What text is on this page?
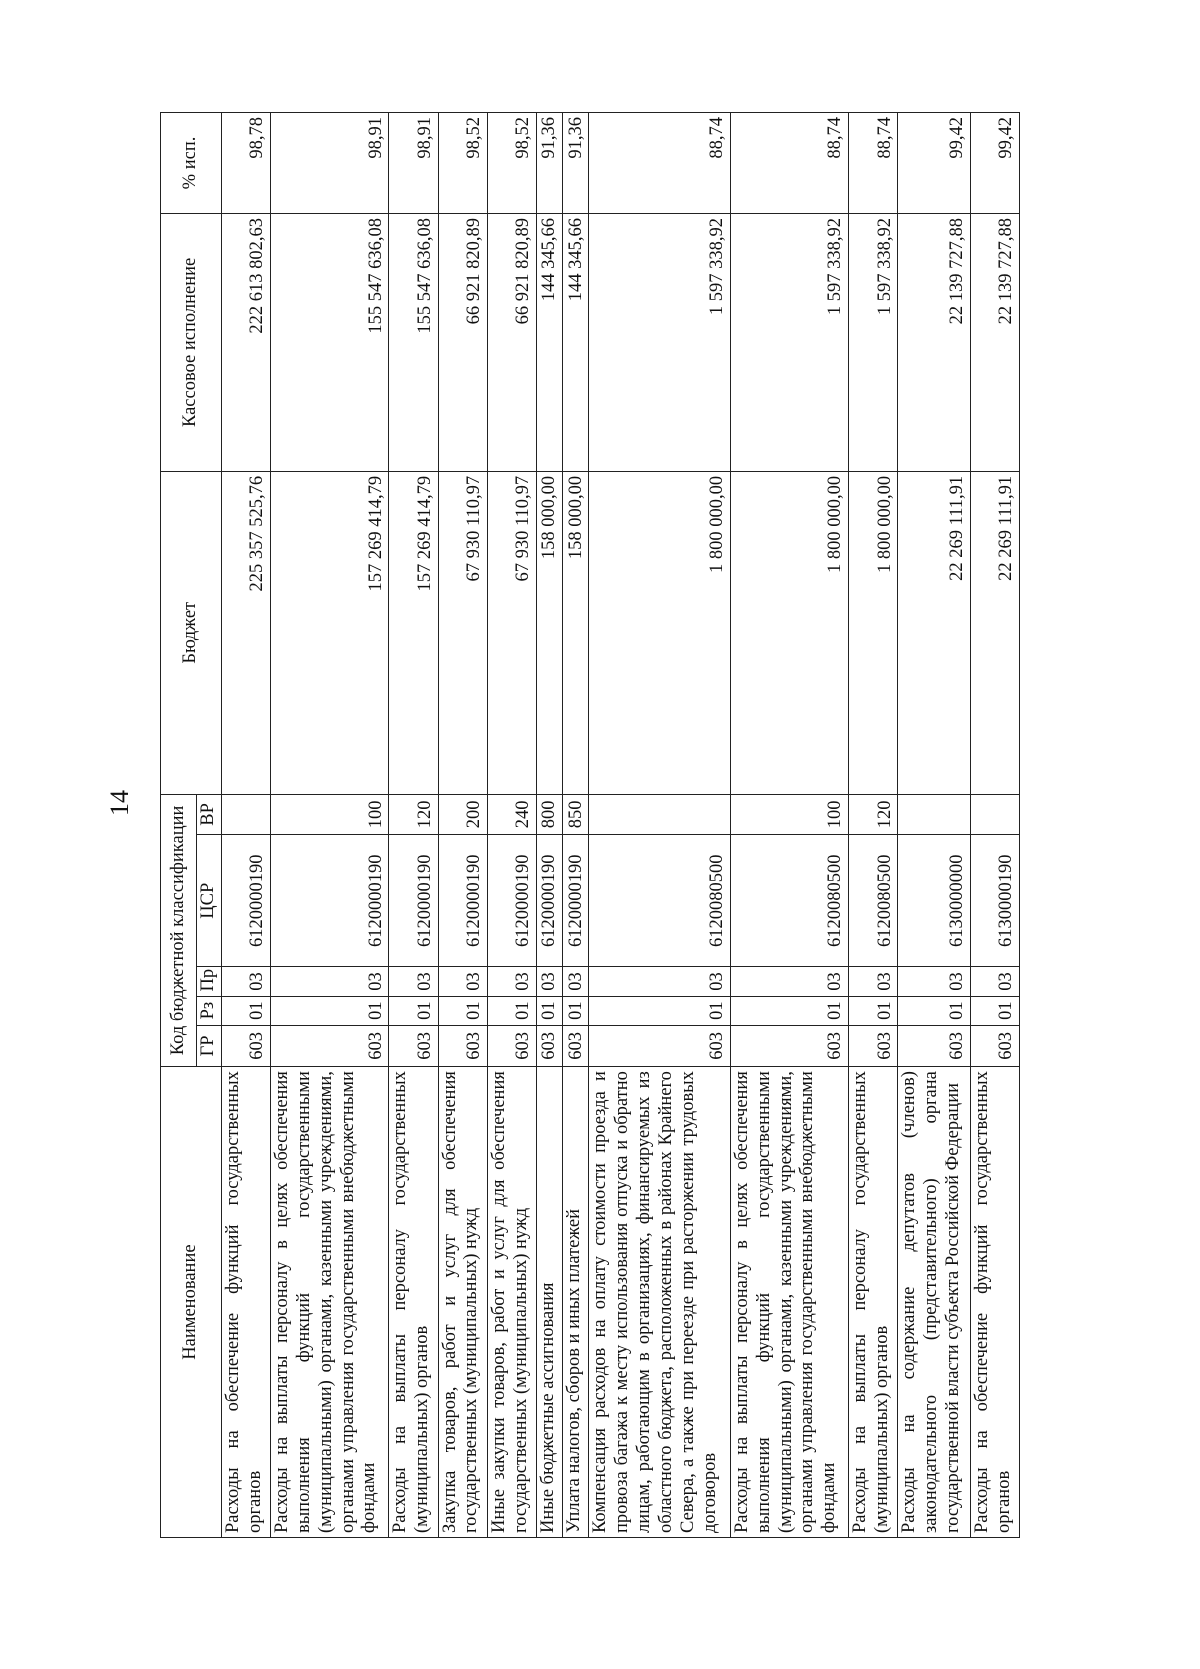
14
Наименование	Код бюджетной классификации					Бюджет	Кассовое исполнение	% исп.
	ГР	Рз	Пр	ЦСР	ВР			
Расходы на обеспечение функций государственных органов	603	01	03	6120000190		225 357 525,76	222 613 802,63	98,78
Расходы на выплаты персоналу в целях обеспечения выполнения функций государственными (муниципальными) органами, казенными учреждениями, органами управления государственными внебюджетными фондами	603	01	03	6120000190	100	157 269 414,79	155 547 636,08	98,91
Расходы на выплаты персоналу государственных (муниципальных) органов	603	01	03	6120000190	120	157 269 414,79	155 547 636,08	98,91
Закупка товаров, работ и услуг для обеспечения государственных (муниципальных) нужд	603	01	03	6120000190	200	67 930 110,97	66 921 820,89	98,52
Иные закупки товаров, работ и услуг для обеспечения государственных (муниципальных) нужд	603	01	03	6120000190	240	67 930 110,97	66 921 820,89	98,52
Иные бюджетные ассигнования	603	01	03	6120000190	800	158 000,00	144 345,66	91,36
Уплата налогов, сборов и иных платежей	603	01	03	6120000190	850	158 000,00	144 345,66	91,36
Компенсация расходов на оплату стоимости проезда и провоза багажа к месту использования отпуска и обратно лицам, работающим в организациях, финансируемых из областного бюджета, расположенных в районах Крайнего Севера, а также при переезде при расторжении трудовых договоров	603	01	03	6120080500		1 800 000,00	1 597 338,92	88,74
Расходы на выплаты персоналу в целях обеспечения выполнения функций государственными (муниципальными) органами, казенными учреждениями, органами управления государственными внебюджетными фондами	603	01	03	6120080500	100	1 800 000,00	1 597 338,92	88,74
Расходы на выплаты персоналу государственных (муниципальных) органов	603	01	03	6120080500	120	1 800 000,00	1 597 338,92	88,74
Расходы на содержание депутатов (членов) законодательного (представительного) органа государственной власти субъекта Российской Федерации	603	01	03	6130000000		22 269 111,91	22 139 727,88	99,42
Расходы на обеспечение функций государственных органов	603	01	03	6130000190		22 269 111,91	22 139 727,88	99,42
